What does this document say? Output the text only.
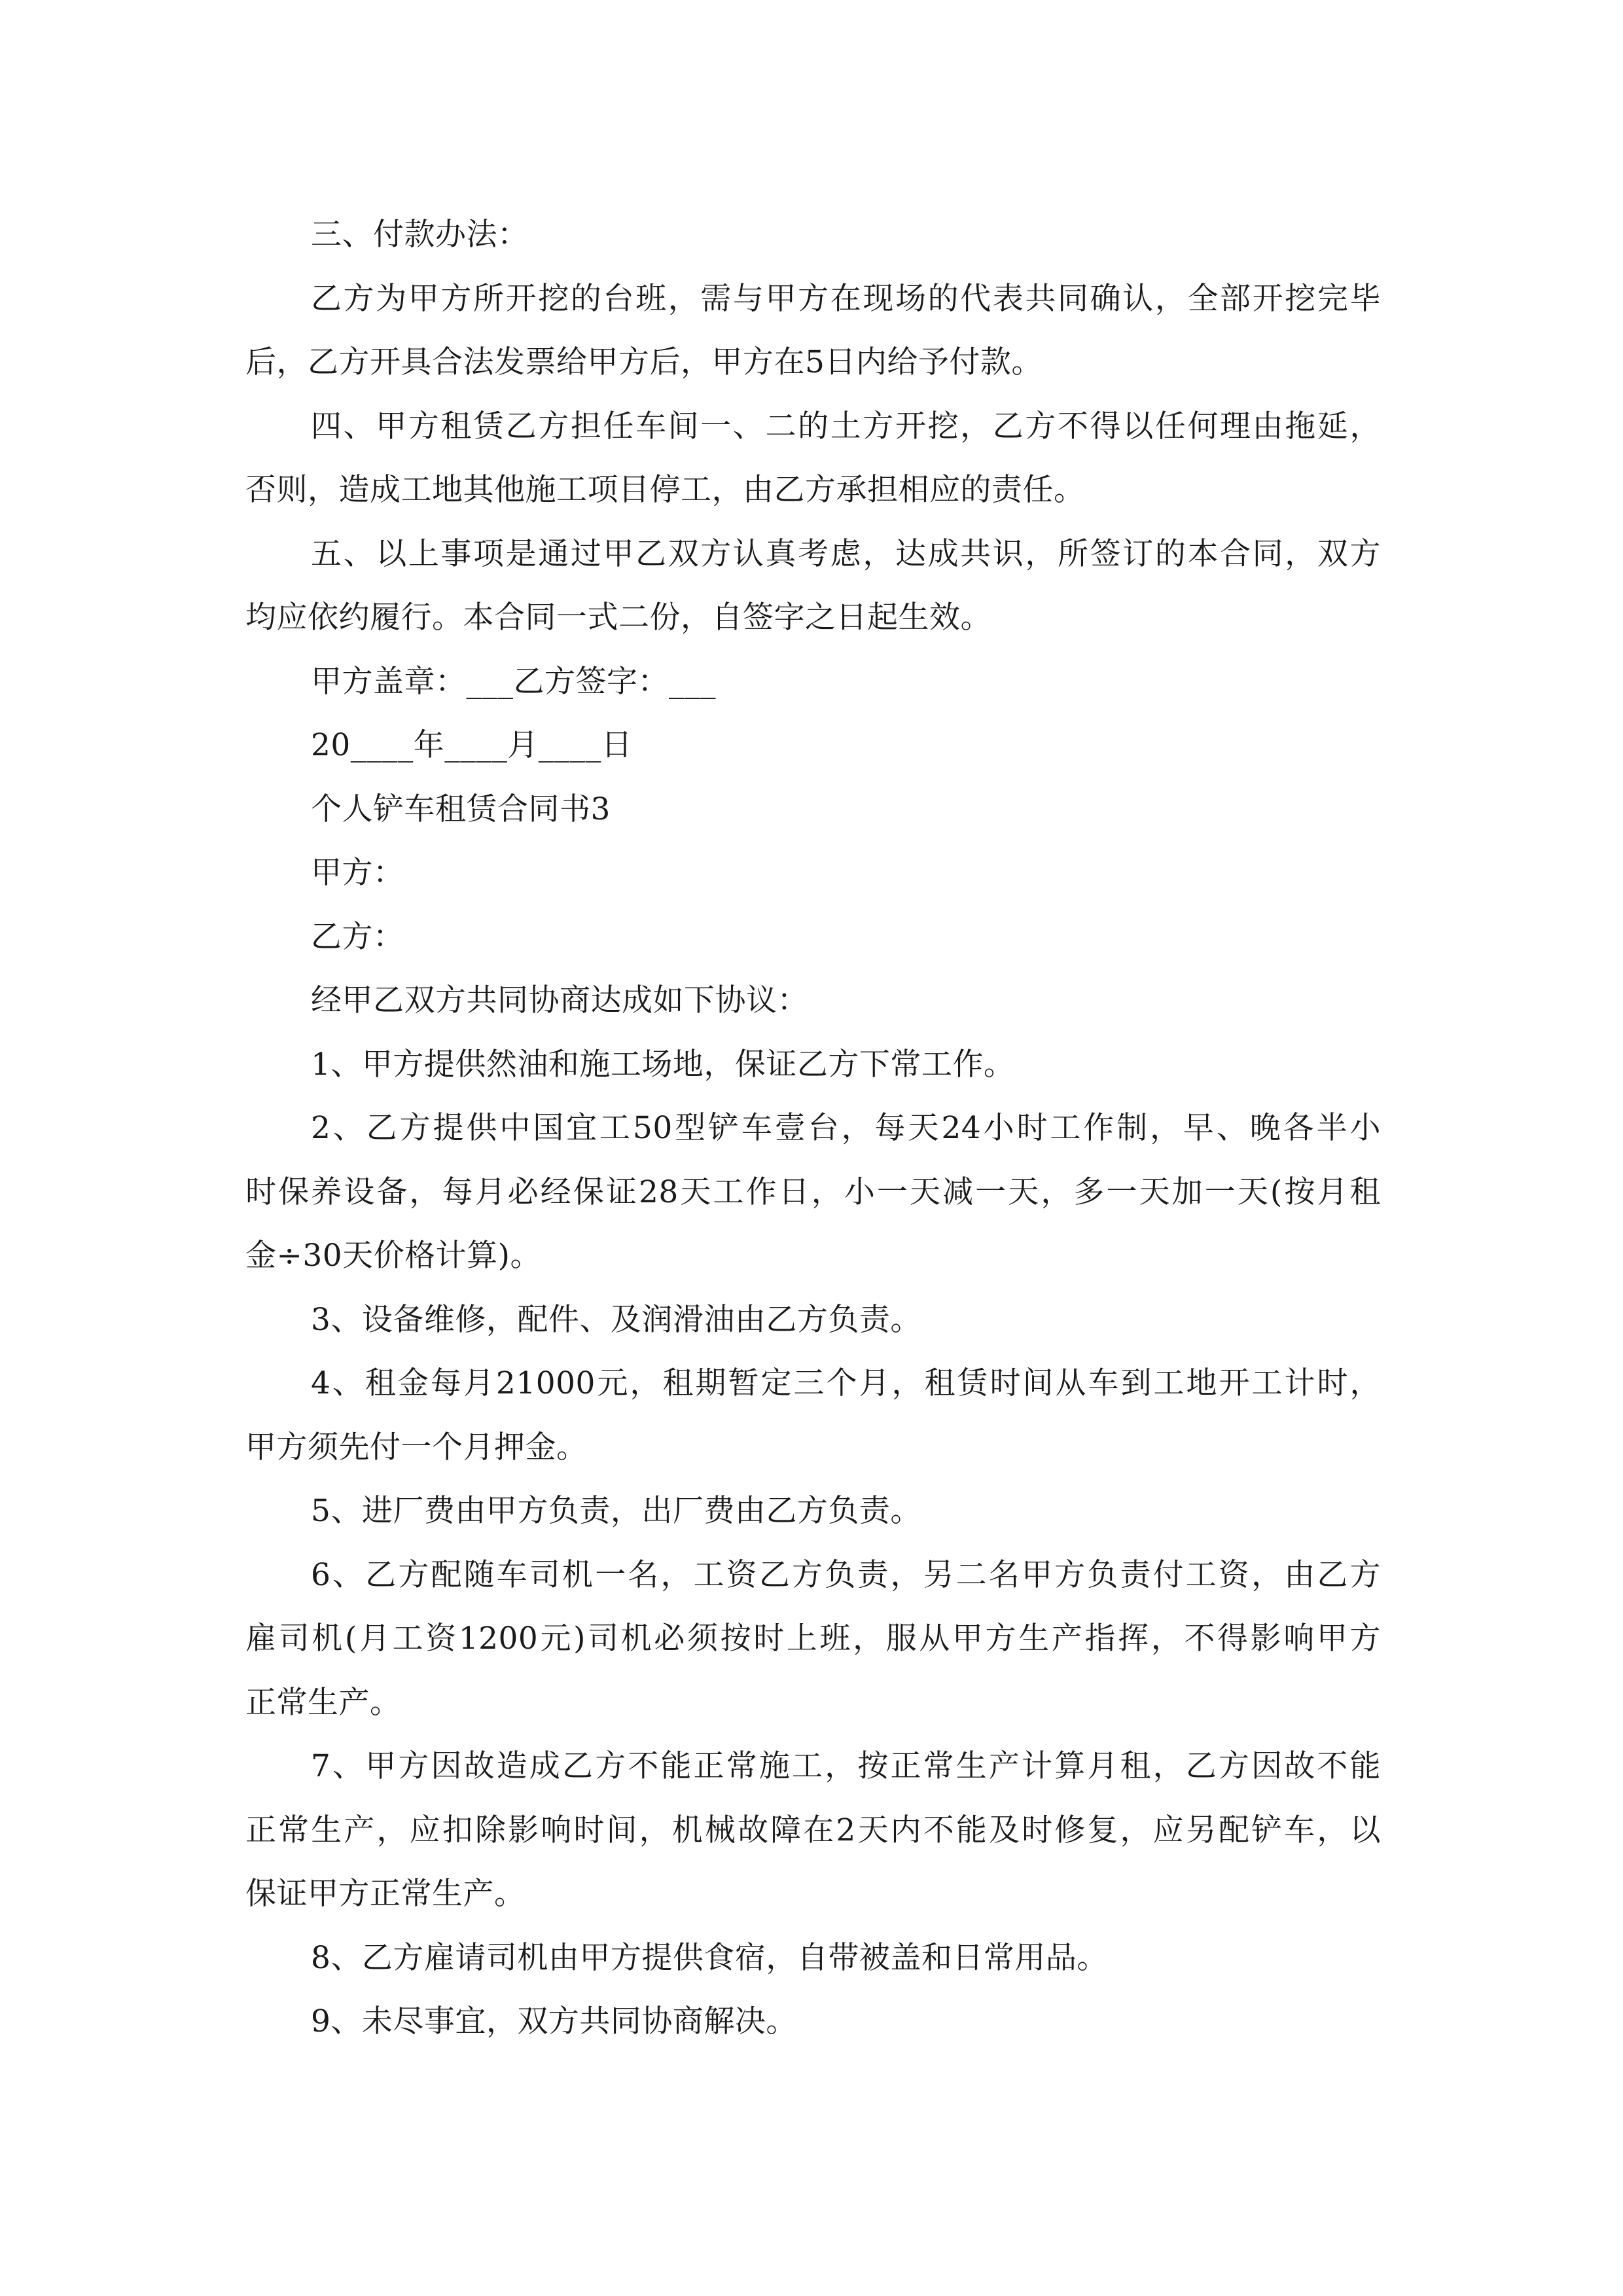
三、付款办法：
乙方为甲方所开挖的台班，需与甲方在现场的代表共同确认，全部开挖完毕
后，乙方开具合法发票给甲方后，甲方在5日内给予付款。
四、甲方租赁乙方担任车间一、二的土方开挖，乙方不得以任何理由拖延，
否则，造成工地其他施工项目停工，由乙方承担相应的责任。
五、以上事项是通过甲乙双方认真考虑，达成共识，所签订的本合同，双方
均应依约履行。本合同一式二份，自签字之日起生效。
甲方盖章：___乙方签字：___
20____年____月____日
个人铲车租赁合同书3
甲方：
乙方：
经甲乙双方共同协商达成如下协议：
1、甲方提供然油和施工场地，保证乙方下常工作。
2、乙方提供中国宜工50型铲车壹台，每天24小时工作制，早、晚各半小
时保养设备，每月必经保证28天工作日，小一天减一天，多一天加一天(按月租
金÷30天价格计算)。
3、设备维修，配件、及润滑油由乙方负责。
4、租金每月21000元，租期暂定三个月，租赁时间从车到工地开工计时，
甲方须先付一个月押金。
5、进厂费由甲方负责，出厂费由乙方负责。
6、乙方配随车司机一名，工资乙方负责，另二名甲方负责付工资，由乙方
雇司机(月工资1200元)司机必须按时上班，服从甲方生产指挥，不得影响甲方
正常生产。
7、甲方因故造成乙方不能正常施工，按正常生产计算月租，乙方因故不能
正常生产，应扣除影响时间，机械故障在2天内不能及时修复，应另配铲车，以
保证甲方正常生产。
8、乙方雇请司机由甲方提供食宿，自带被盖和日常用品。
9、未尽事宜，双方共同协商解决。
